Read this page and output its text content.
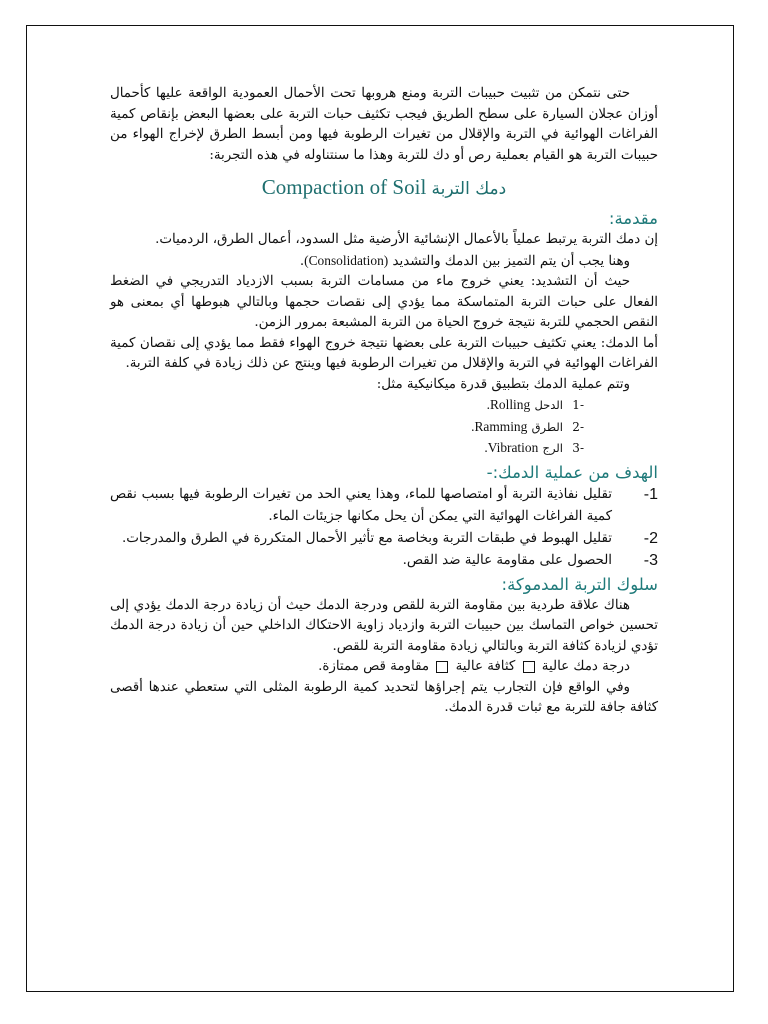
حتى نتمكن من تثبيت حبيبات التربة ومنع هروبها تحت الأحمال العمودية الواقعة عليها كأحمال أوزان عجلان السيارة على سطح الطريق فيجب تكثيف حبات التربة على بعضها البعض بإنقاص كمية الفراغات الهوائية في التربة والإقلال من تغيرات الرطوبة فيها ومن أبسط الطرق لإخراج الهواء من حبيبات التربة هو القيام بعملية رص أو دك للتربة وهذا ما سنتناوله في هذه التجربة:

Compaction of Soil دمك التربة
مقدمة:

إن دمك التربة يرتبط عملياً بالأعمال الإنشائية الأرضية مثل السدود، أعمال الطرق، الردميات.

وهنا يجب أن يتم التميز بين الدمك والتشديد (Consolidation).

حيث أن التشديد: يعني خروج ماء من مسامات التربة بسبب الازدياد التدريجي في الضغط الفعال على حبات التربة المتماسكة مما يؤدي إلى نقصات حجمها وبالتالي هبوطها أي بمعنى هو النقص الحجمي للتربة نتيجة خروج الحياة من التربة المشبعة بمرور الزمن.

أما الدمك: يعني تكثيف حبيبات التربة على بعضها نتيجة خروج الهواء فقط مما يؤدي إلى نقصان كمية الفراغات الهوائية في التربة والإقلال من تغيرات الرطوبة فيها وينتج عن ذلك زيادة في كلفة التربة.

وتتم عملية الدمك بتطبيق قدرة ميكانيكية مثل:

-1
الدحل Rolling.
-2
الطرق Ramming.
-3
الرج Vibration.
الهدف من عملية الدمك:-
1-
تقليل نفاذية التربة أو امتصاصها للماء، وهذا يعني الحد من تغيرات الرطوبة فيها بسبب نقص كمية الفراغات الهوائية التي يمكن أن يحل مكانها جزيئات الماء.
2-
تقليل الهبوط في طبقات التربة وبخاصة مع تأثير الأحمال المتكررة في الطرق والمدرجات.
3-
الحصول على مقاومة عالية ضد القص.
سلوك التربة المدموكة:

هناك علاقة طردية بين مقاومة التربة للقص ودرجة الدمك حيث أن زيادة درجة الدمك يؤدي إلى تحسين خواص التماسك بين حبيبات التربة وازدياد زاوية الاحتكاك الداخلي حين أن زيادة درجة الدمك تؤدي لزيادة كثافة التربة وبالتالي زيادة مقاومة التربة للقص.

درجة دمك عالية  كثافة عالية  مقاومة قص ممتازة.

وفي الواقع فإن التجارب يتم إجراؤها لتحديد كمية الرطوبة المثلى التي ستعطي عندها أقصى كثافة جافة للتربة مع ثبات قدرة الدمك.
